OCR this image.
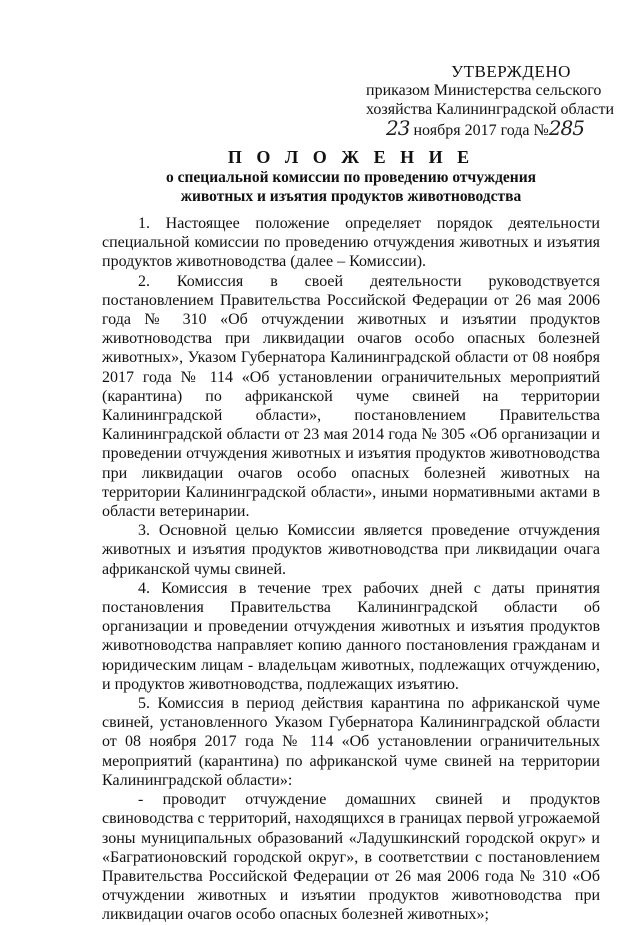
УТВЕРЖДЕНО
приказом Министерства сельского
хозяйства Калининградской области
23 ноября 2017 года №285
П О Л О Ж Е Н И Е
о специальной комиссии по проведению отчуждения
животных и изъятия продуктов животноводства

1. Настоящее положение определяет порядок деятельности специальной комиссии по проведению отчуждения животных и изъятия продуктов животноводства (далее – Комиссии).

2. Комиссия в своей деятельности руководствуется постановлением Правительства Российской Федерации от 26 мая 2006 года № 310 «Об отчуждении животных и изъятии продуктов животноводства при ликвидации очагов особо опасных болезней животных», Указом Губернатора Калининградской области от 08 ноября 2017 года № 114 «Об установлении ограничительных мероприятий (карантина) по африканской чуме свиней на территории Калининградской области», постановлением Правительства Калининградской области от 23 мая 2014 года № 305 «Об организации и проведении отчуждения животных и изъятия продуктов животноводства при ликвидации очагов особо опасных болезней животных на территории Калининградской области», иными нормативными актами в области ветеринарии.

3. Основной целью Комиссии является проведение отчуждения животных и изъятия продуктов животноводства при ликвидации очага африканской чумы свиней.

4. Комиссия в течение трех рабочих дней с даты принятия постановления Правительства Калининградской области об организации и проведении отчуждения животных и изъятия продуктов животноводства направляет копию данного постановления гражданам и юридическим лицам - владельцам животных, подлежащих отчуждению, и продуктов животноводства, подлежащих изъятию.

5. Комиссия в период действия карантина по африканской чуме свиней, установленного Указом Губернатора Калининградской области от 08 ноября 2017 года № 114 «Об установлении ограничительных мероприятий (карантина) по африканской чуме свиней на территории Калининградской области»:

- проводит отчуждение домашних свиней и продуктов свиноводства с территорий, находящихся в границах первой угрожаемой зоны муниципальных образований «Ладушкинский городской округ» и «Багратионовский городской округ», в соответствии с постановлением Правительства Российской Федерации от 26 мая 2006 года № 310 «Об отчуждении животных и изъятии продуктов животноводства при ликвидации очагов особо опасных болезней животных»;
